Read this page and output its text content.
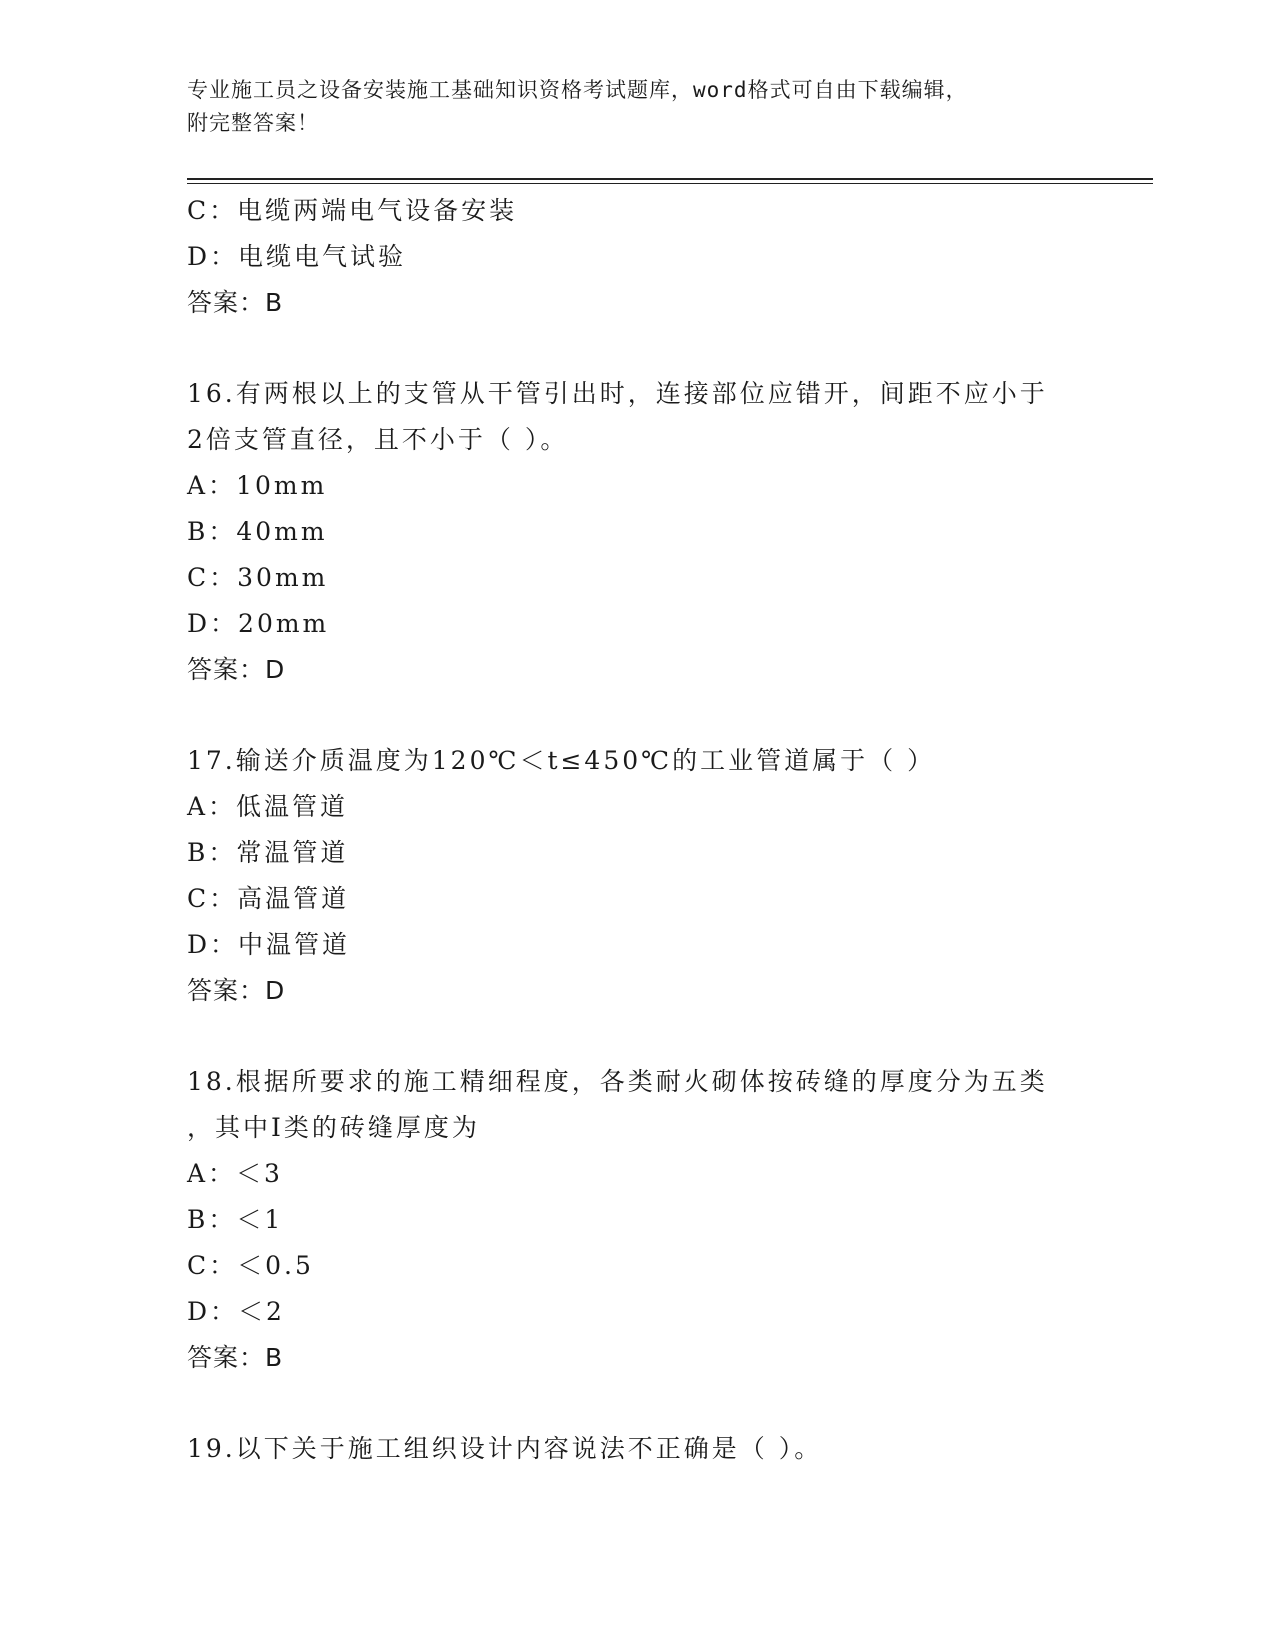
专业施工员之设备安装施工基础知识资格考试题库，word格式可自由下载编辑，
附完整答案！
C：电缆两端电气设备安装
D：电缆电气试验
答案：B
16.有两根以上的支管从干管引出时，连接部位应错开，间距不应小于
2倍支管直径，且不小于（ ）。
A：10mm
B：40mm
C：30mm
D：20mm
答案：D
17.输送介质温度为120℃＜t≤450℃的工业管道属于（ ）
A：低温管道
B：常温管道
C：高温管道
D：中温管道
答案：D
18.根据所要求的施工精细程度，各类耐火砌体按砖缝的厚度分为五类
，其中Ⅰ类的砖缝厚度为
A：＜3
B：＜1
C：＜0.5
D：＜2
答案：B
19.以下关于施工组织设计内容说法不正确是（ ）。
